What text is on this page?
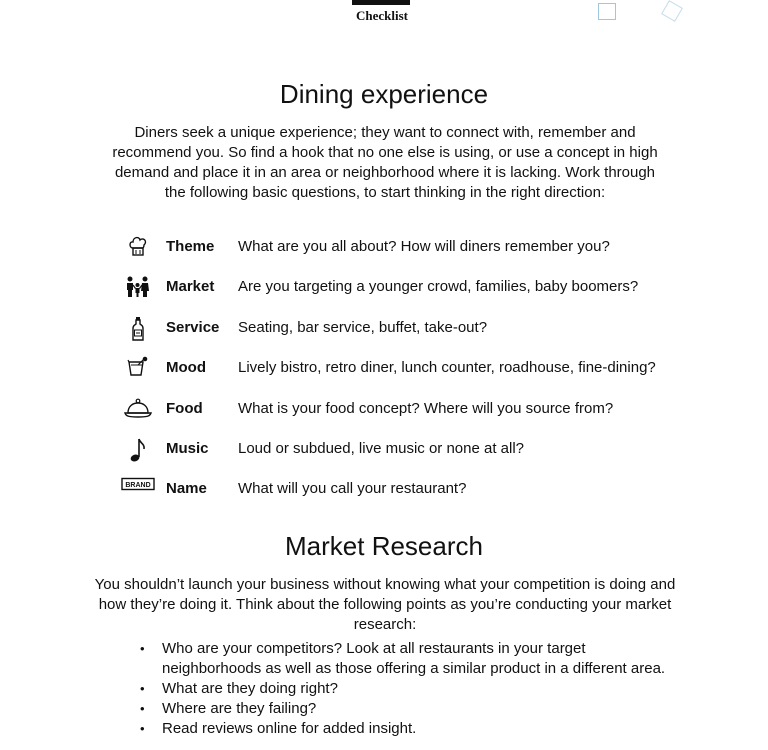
Checklist
Dining experience

Diners seek a unique experience; they want to connect with, remember and recommend you. So find a hook that no one else is using, or use a concept in high demand and place it in an area or neighborhood where it is lacking. Work through the following basic questions, to start thinking in the right direction:

Theme What are you all about? How will diners remember you?
Market Are you targeting a younger crowd, families, baby boomers?
Service Seating, bar service, buffet, take-out?
Mood Lively bistro, retro diner, lunch counter, roadhouse, fine-dining?
Food What is your food concept? Where will you source from?
Music Loud or subdued, live music or none at all?
BRAND Name What will you call your restaurant?
Market Research

You shouldn’t launch your business without knowing what your competition is doing and how they’re doing it. Think about the following points as you’re conducting your market research:

• Who are your competitors? Look at all restaurants in your target neighborhoods as well as those offering a similar product in a different area.
• What are they doing right?
• Where are they failing?
• Read reviews online for added insight.
